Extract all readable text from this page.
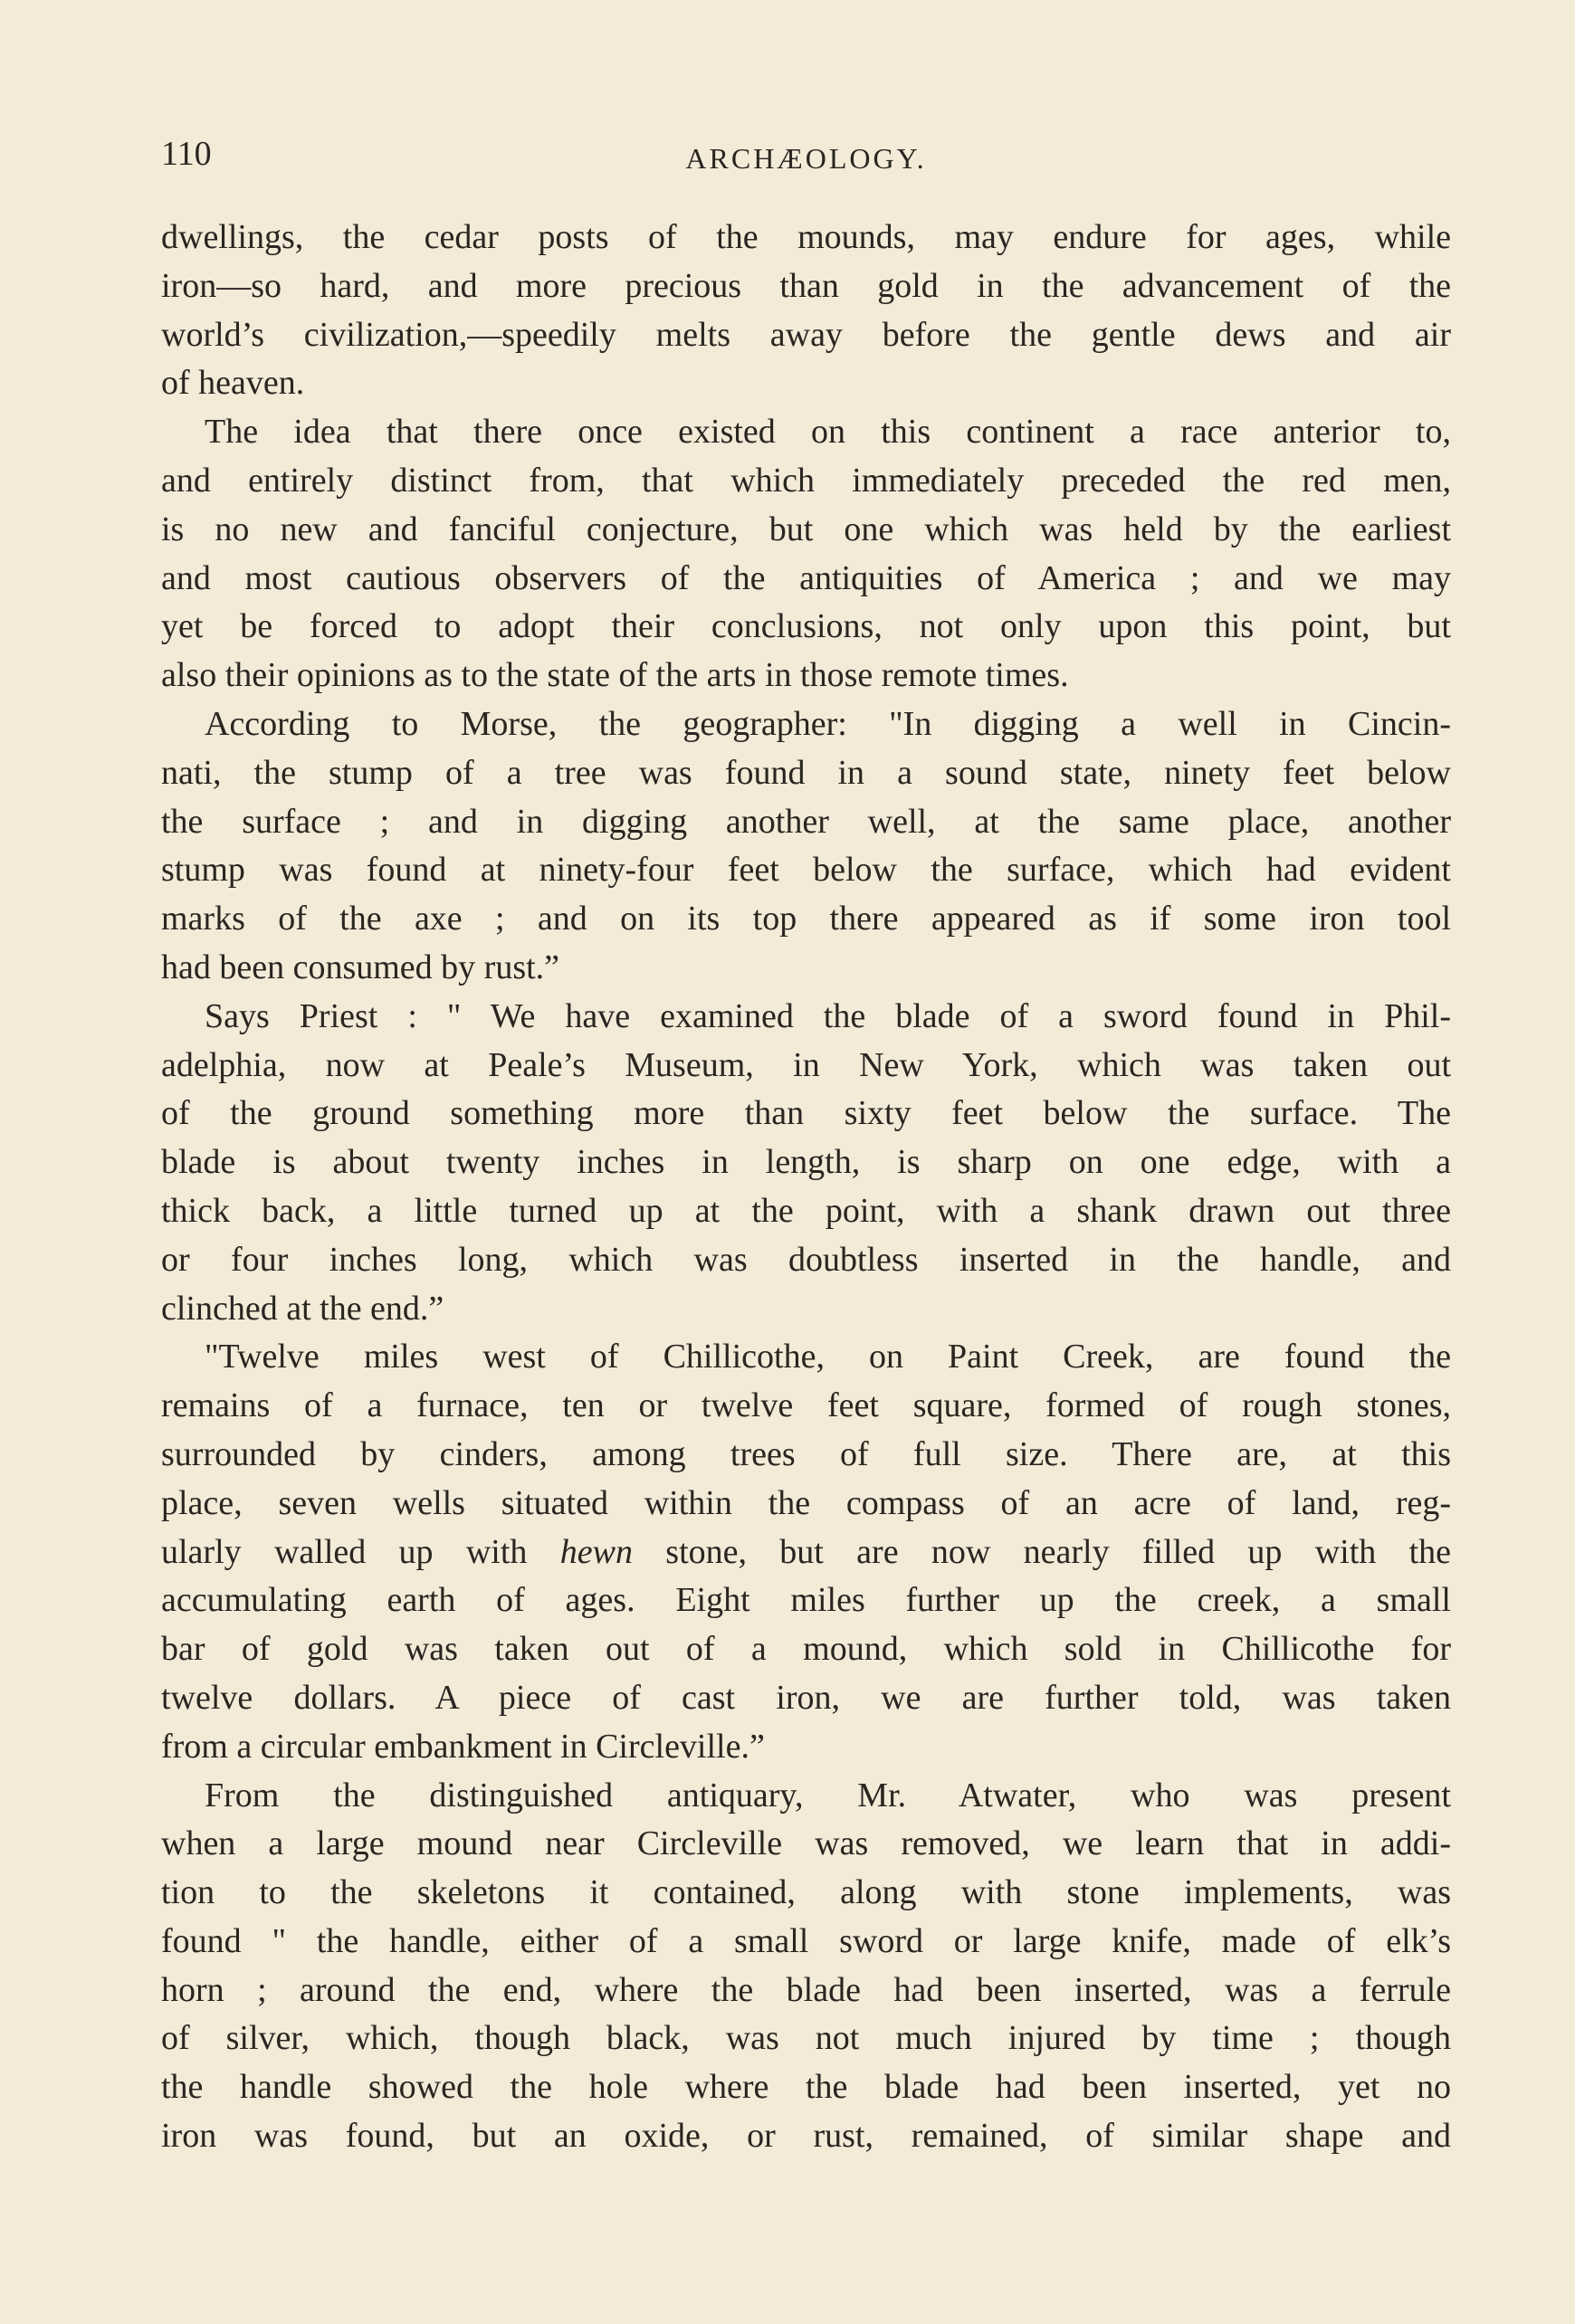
110	ARCHÆOLOGY.
dwellings, the cedar posts of the mounds, may endure for ages, while
iron—so hard, and more precious than gold in the advancement of the
world’s civilization,—speedily melts away before the gentle dews and air
of heaven.
The idea that there once existed on this continent a race anterior to,
and entirely distinct from, that which immediately preceded the red men,
is no new and fanciful conjecture, but one which was held by the earliest
and most cautious observers of the antiquities of America ; and we may
yet be forced to adopt their conclusions, not only upon this point, but
also their opinions as to the state of the arts in those remote times.
According to Morse, the geographer: "In digging a well in Cincin-
nati, the stump of a tree was found in a sound state, ninety feet below
the surface ; and in digging another well, at the same place, another
stump was found at ninety-four feet below the surface, which had evident
marks of the axe ; and on its top there appeared as if some iron tool
had been consumed by rust.”
Says Priest : " We have examined the blade of a sword found in Phil-
adelphia, now at Peale’s Museum, in New York, which was taken out
of the ground something more than sixty feet below the surface. The
blade is about twenty inches in length, is sharp on one edge, with a
thick back, a little turned up at the point, with a shank drawn out three
or four inches long, which was doubtless inserted in the handle, and
clinched at the end.”
"Twelve miles west of Chillicothe, on Paint Creek, are found the
remains of a furnace, ten or twelve feet square, formed of rough stones,
surrounded by cinders, among trees of full size. There are, at this
place, seven wells situated within the compass of an acre of land, reg-
ularly walled up with hewn stone, but are now nearly filled up with the
accumulating earth of ages. Eight miles further up the creek, a small
bar of gold was taken out of a mound, which sold in Chillicothe for
twelve dollars. A piece of cast iron, we are further told, was taken
from a circular embankment in Circleville.”
From the distinguished antiquary, Mr. Atwater, who was present
when a large mound near Circleville was removed, we learn that in addi-
tion to the skeletons it contained, along with stone implements, was
found " the handle, either of a small sword or large knife, made of elk’s
horn ; around the end, where the blade had been inserted, was a ferrule
of silver, which, though black, was not much injured by time ; though
the handle showed the hole where the blade had been inserted, yet no
iron was found, but an oxide, or rust, remained, of similar shape and
